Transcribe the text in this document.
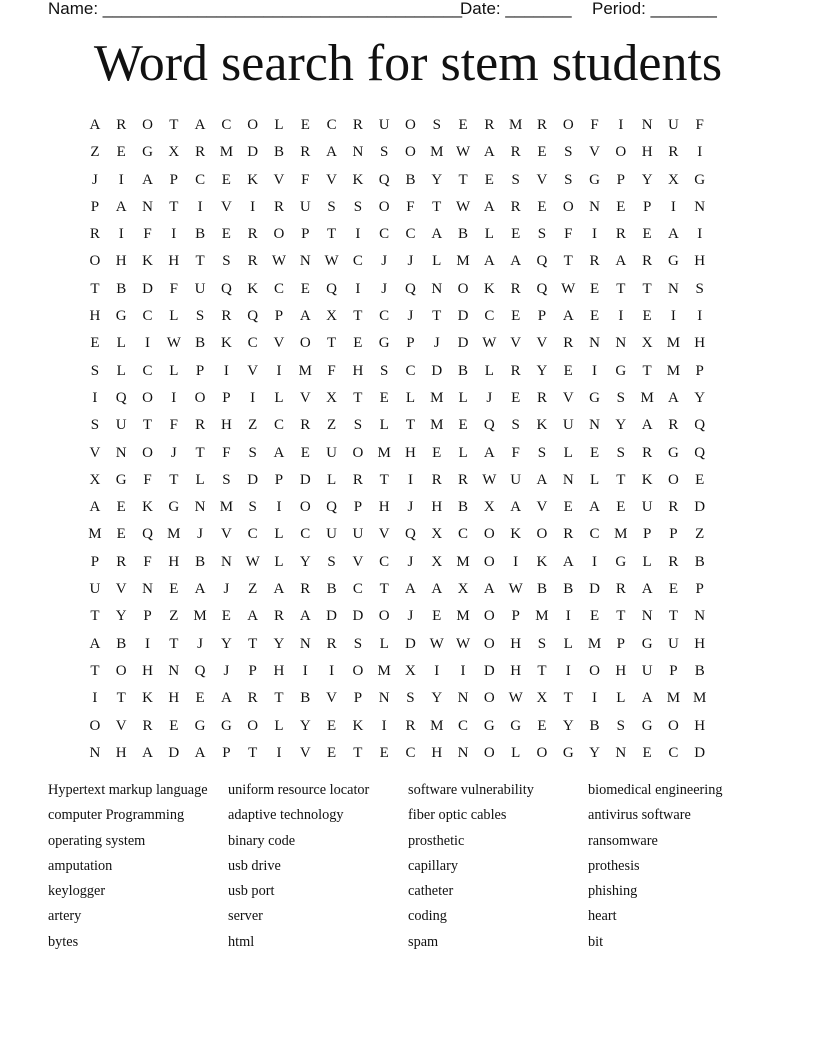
Name: ______________________________________Date: _______ Period: _______
Word search for stem students
A	R	O	T	A	C	O	L	E	C	R	U O	S	E	R M R	O	F	I	N U	F
Z	E	G X	R M D	B	R	A N	S	O M W A	R	E	S	V O H	R	I
J	I	A	P	C	E	K V	F	V K Q	B	Y	T	E	S	V	S	G	P	Y X G
P	A N	T	I	V	I	R	U	S	S	O	F	T W A	R	E	O N	E	P	I	N
R	I	F	I	B	E	R	O	P	T	I	C	C	A	B	L	E	S	F	I	R	E	A	I
O H K H	T	S	R W N W C	J	J	L M A A Q	T	R	A	R	G H
T	B	D	F	U Q K	C	E	Q	I	J	Q N O K	R	Q W E	T	T	N	S
H G	C	L	S	R	Q	P	A X	T	C	J	T	D	C	E	P	A	E	I	E	I	I
E	L	I	W B	K	C	V O	T	E	G	P	J	D W V V	R	N N X M H
S	L	C	L	P	I	V	I	M F	H	S	C	D	B	L	R	Y	E	I	G	T M P
I	Q O	I	O	P	I	L	V X	T	E	L M L	J	E	R	V G	S M A Y
S	U	T	F	R	H	Z	C	R	Z	S	L	T M E	Q	S	K U N Y A	R	Q
V N O	J	T	F	S	A	E	U O M H	E	L	A	F	S	L	E	S	R	G Q
X G	F	T	L	S	D	P	D	L	R	T	I	R	R W U A N	L	T	K O	E
A	E	K G N M S	I	O Q	P	H	J	H	B	X A V	E	A	E	U	R	D
M E	Q M	J	V	C	L	C	U U V Q X	C	O K O	R	C M P	P	Z
P	R	F	H	B	N W L	Y	S	V	C	J	X M O	I	K A	I	G	L	R	B
U V N	E	A	J	Z	A	R	B	C	T	A A X A W B	B	D	R	A	E	P
T	Y	P	Z M E	A	R	A D D O	J	E M O	P M	I	E	T	N	T	N
A	B	I	T	J	Y	T	Y N	R	S	L	D W W O H	S	L M P	G U H
T	O H N Q	J	P	H	I	I	O M X	I	I	D H	T	I	O H U	P	B
I	T	K H	E	A	R	T	B	V	P	N	S	Y N O W X	T	I	L	A M M
O V	R	E	G G O	L	Y	E	K	I	R M C	G G	E	Y	B	S	G O H
N H A D A	P	T	I	V	E	T	E	C	H N O	L	O G Y N	E	C	D
Hypertext markup language
computer Programming
operating system
amputation
keylogger
artery
bytes
uniform resource locator
adaptive technology
binary code
usb drive
usb port
server
html
software vulnerability
fiber optic cables
prosthetic
capillary
catheter
coding
spam
biomedical engineering
antivirus software
ransomware
prothesis
phishing
heart
bit
